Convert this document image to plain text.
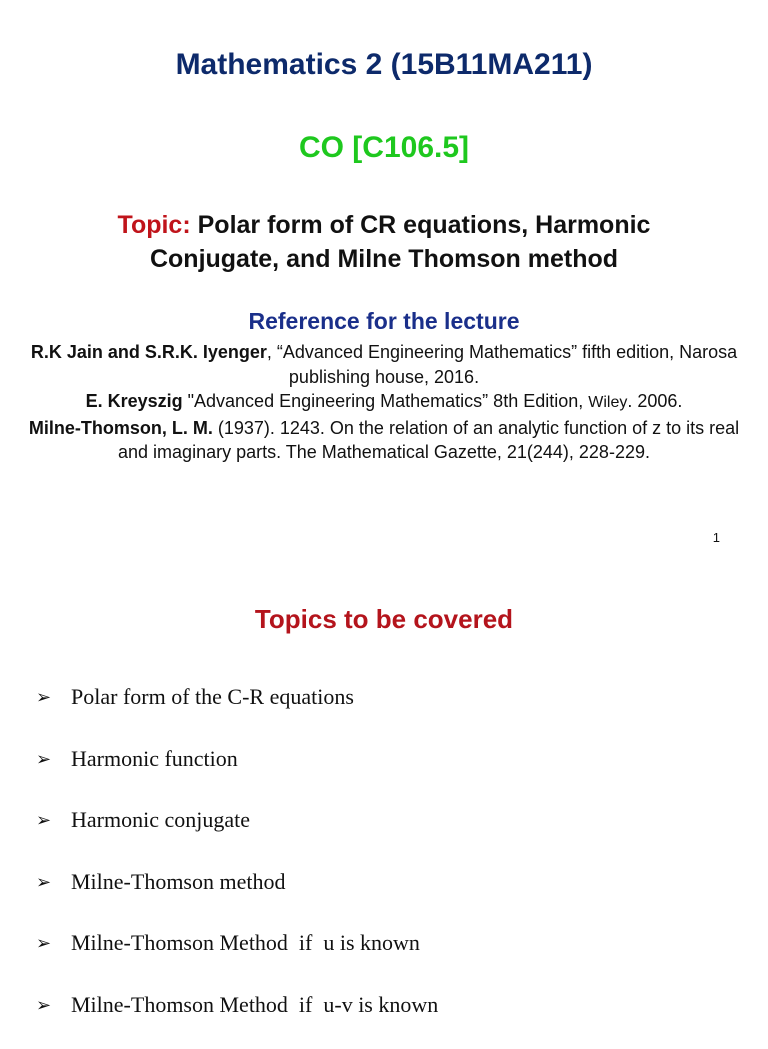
Mathematics 2 (15B11MA211)
CO [C106.5]
Topic: Polar form of CR equations, Harmonic
Conjugate, and Milne Thomson method
Reference for the lecture

R.K Jain and S.R.K. Iyenger, “Advanced Engineering Mathematics” fifth edition, Narosa publishing house, 2016.

E. Kreyszig "Advanced Engineering Mathematics” 8th Edition, Wiley. 2006.

Milne-Thomson, L. M. (1937). 1243. On the relation of an analytic function of z to its real and imaginary parts. The Mathematical Gazette, 21(244), 228-229.

1
Topics to be covered
➢ Polar form of the C-R equations
➢ Harmonic function
➢ Harmonic conjugate
➢ Milne-Thomson method
➢ Milne-Thomson Method  if  u is known
➢ Milne-Thomson Method  if  u-v is known
